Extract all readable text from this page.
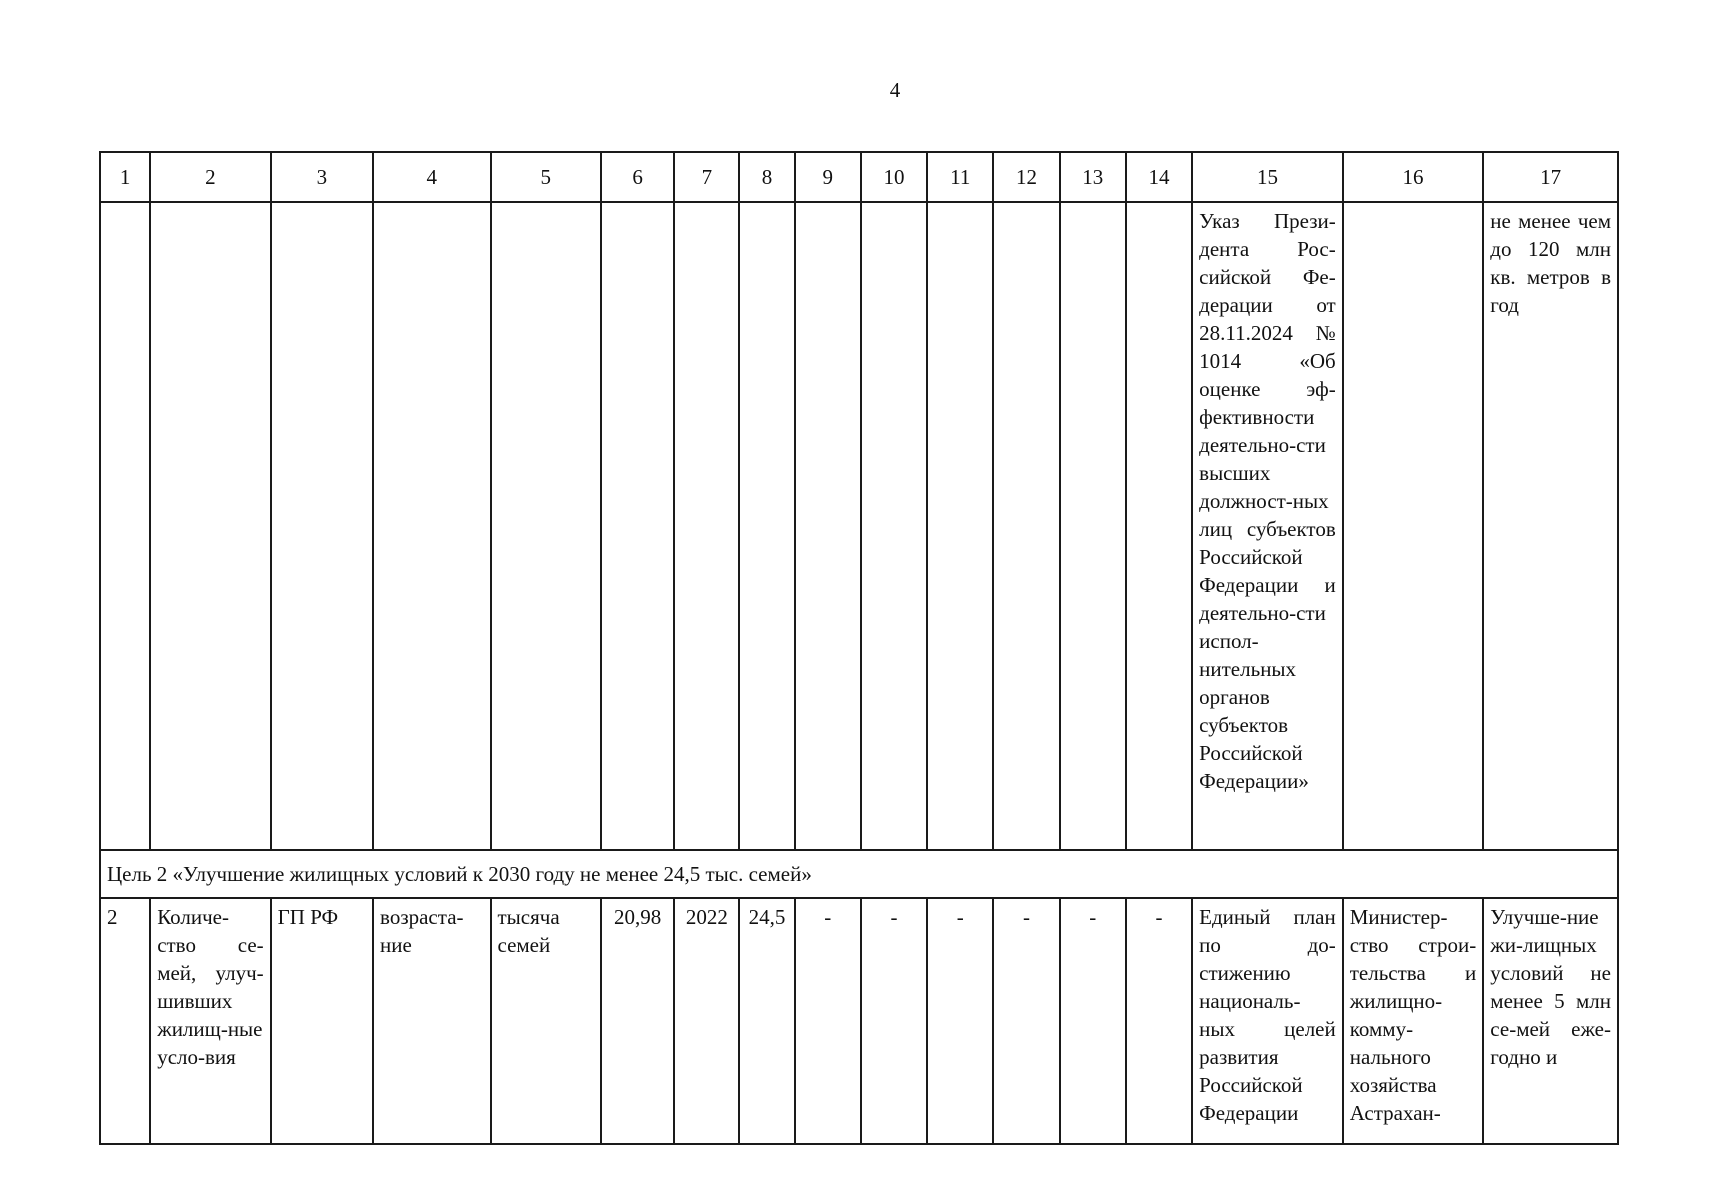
4
1	2	3	4	5	6	7	8	9	10	11	12	13	14	15	16	17
														Указ Прези-дента Рос-сийской Фе-дерации от 28.11.2024 № 1014 «Об оценке эф-фективности деятельно-сти высших должност-ных лиц субъектов Российской Федерации и деятельно-сти испол-нительных органов субъектов Российской Федерации»		не менее чем до 120 млн кв. метров в год
Цель 2 «Улучшение жилищных условий к 2030 году не менее 24,5 тыс. семей»																
2	Количе-ство се-мей, улуч-шивших жилищ-ные усло-вия	ГП РФ	возраста-ние	тысяча семей	20,98	2022	24,5	-	-	-	-	-	-	Единый план по до-стижению националь-ных целей развития Российской Федерации	Министер-ство строи-тельства и жилищно-комму-нального хозяйства Астрахан-	Улучше-ние жи-лищных условий не менее 5 млн се-мей еже-годно и
